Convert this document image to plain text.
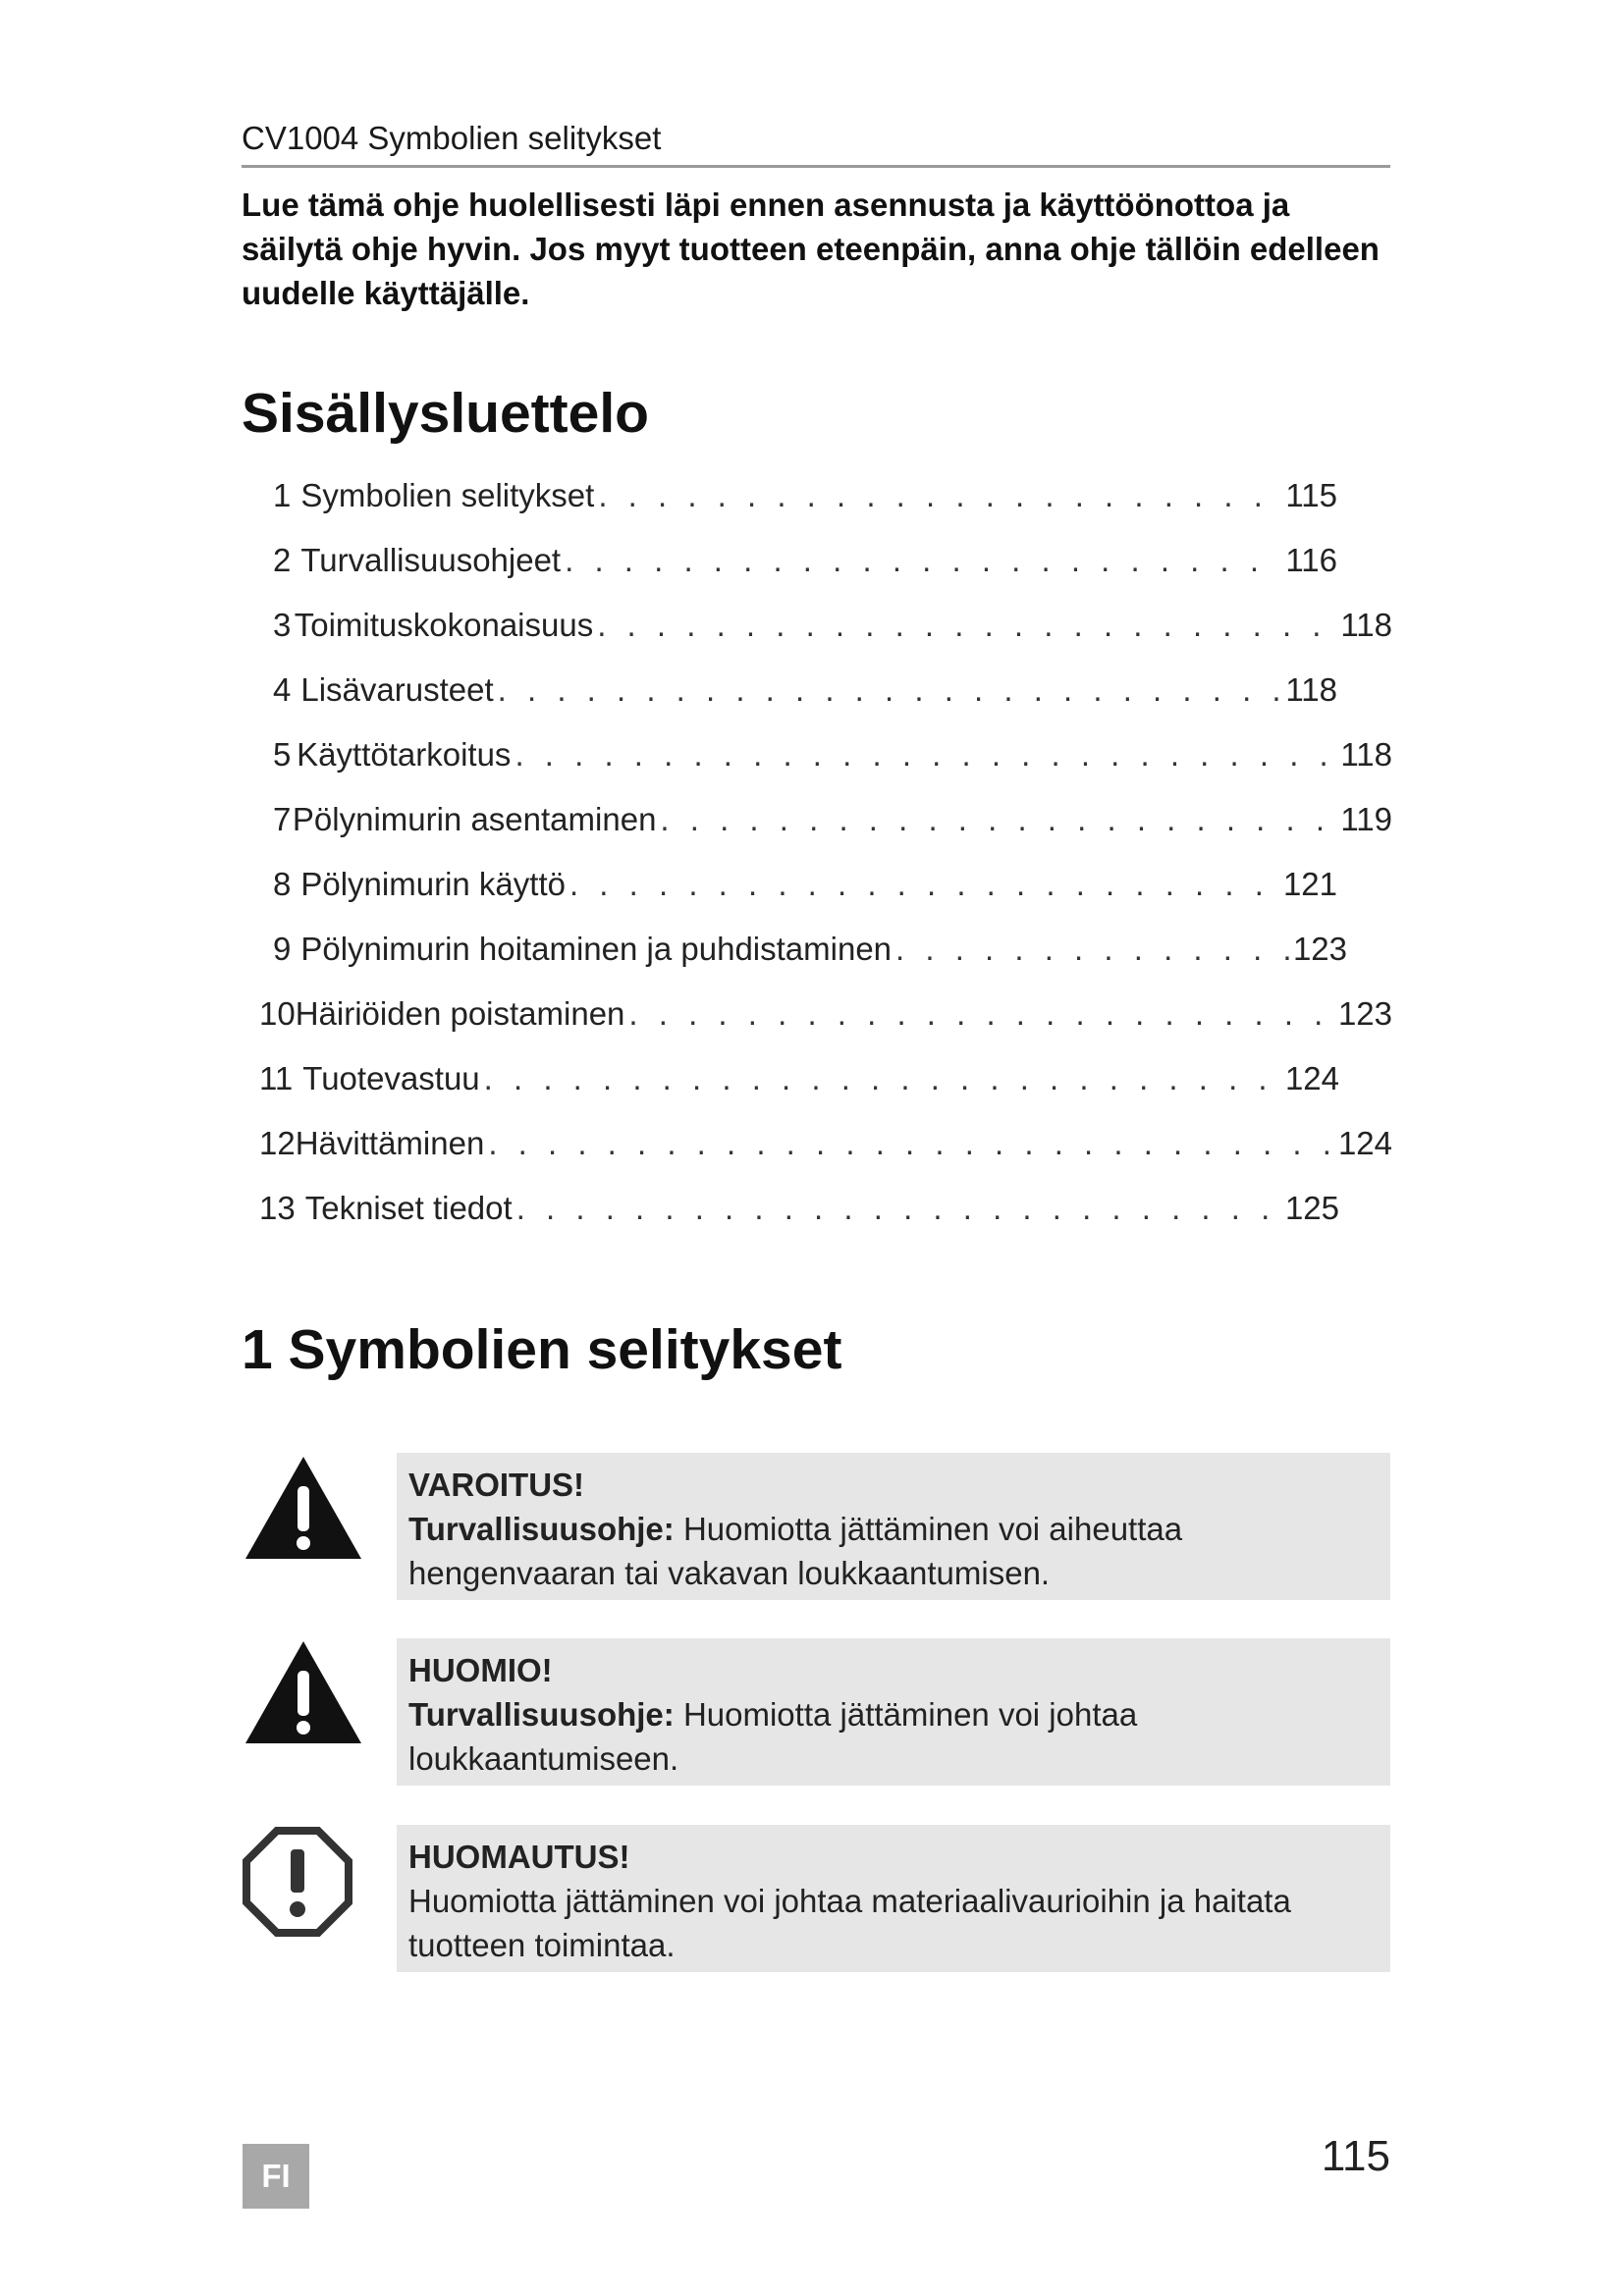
CV1004 Symbolien selitykset
Lue tämä ohje huolellisesti läpi ennen asennusta ja käyttöönottoa ja säilytä ohje hyvin. Jos myyt tuotteen eteenpäin, anna ohje tällöin edelleen uudelle käyttäjälle.
Sisällysluettelo
1 Symbolien selitykset . . .	115
2 Turvallisuusohjeet . . .	116
3 Toimituskokonaisuus . . .	118
4 Lisävarusteet . . .	118
5 Käyttötarkoitus . . .	118
7 Pölynimurin asentaminen . . .	119
8 Pölynimurin käyttö . . .	121
9 Pölynimurin hoitaminen ja puhdistaminen . . .	123
10 Häiriöiden poistaminen . . .	123
11 Tuotevastuu . . .	124
12 Hävittäminen . . .	124
13 Tekniset tiedot . . .	125
1 Symbolien selitykset
VAROITUS!
Turvallisuusohje: Huomiotta jättäminen voi aiheuttaa hengenvaaran tai vakavan loukkaantumisen.
HUOMIO!
Turvallisuusohje: Huomiotta jättäminen voi johtaa loukkaantumiseen.
HUOMAUTUS!
Huomiotta jättäminen voi johtaa materiaalivaurioihin ja haitata tuotteen toimintaa.
FI	115
